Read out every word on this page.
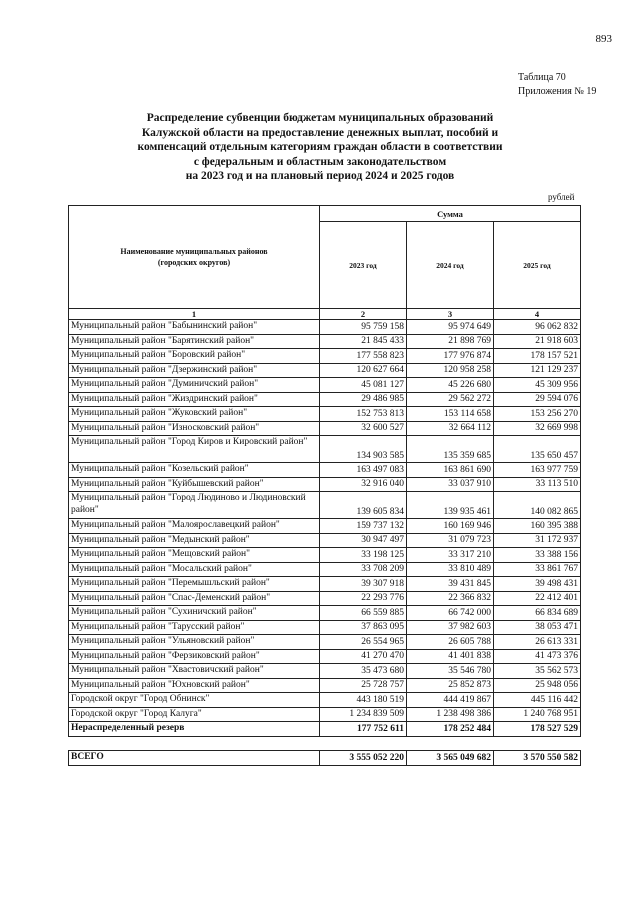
893
Таблица 70
Приложения № 19
Распределение субвенции бюджетам муниципальных образований
Калужской области на предоставление денежных выплат, пособий и
компенсаций отдельным категориям граждан области в соответствии
с федеральным и областным законодательством
на 2023 год и на плановый период 2024 и 2025 годов
рублей
Наименование муниципальных районов
(городских округов)	Сумма		
	2023 год	2024 год	2025 год
1	2	3	4
Муниципальный район "Бабынинский район"	95 759 158	95 974 649	96 062 832
Муниципальный район "Барятинский район"	21 845 433	21 898 769	21 918 603
Муниципальный район "Боровский район"	177 558 823	177 976 874	178 157 521
Муниципальный район "Дзержинский район"	120 627 664	120 958 258	121 129 237
Муниципальный район "Думиничский район"	45 081 127	45 226 680	45 309 956
Муниципальный район "Жиздринский район"	29 486 985	29 562 272	29 594 076
Муниципальный район "Жуковский район"	152 753 813	153 114 658	153 256 270
Муниципальный район "Износковский район"	32 600 527	32 664 112	32 669 998
Муниципальный район "Город Киров и Кировский район"	134 903 585	135 359 685	135 650 457
Муниципальный район "Козельский район"	163 497 083	163 861 690	163 977 759
Муниципальный район "Куйбышевский район"	32 916 040	33 037 910	33 113 510
Муниципальный район "Город Людиново и Людиновский район"	139 605 834	139 935 461	140 082 865
Муниципальный район "Малоярославецкий район"	159 737 132	160 169 946	160 395 388
Муниципальный район "Медынский район"	30 947 497	31 079 723	31 172 937
Муниципальный район "Мещовский район"	33 198 125	33 317 210	33 388 156
Муниципальный район "Мосальский район"	33 708 209	33 810 489	33 861 767
Муниципальный район "Перемышльский район"	39 307 918	39 431 845	39 498 431
Муниципальный район "Спас-Деменский район"	22 293 776	22 366 832	22 412 401
Муниципальный район "Сухиничский район"	66 559 885	66 742 000	66 834 689
Муниципальный район "Тарусский район"	37 863 095	37 982 603	38 053 471
Муниципальный район "Ульяновский район"	26 554 965	26 605 788	26 613 331
Муниципальный район "Ферзиковский район"	41 270 470	41 401 838	41 473 376
Муниципальный район "Хвастовичский район"	35 473 680	35 546 780	35 562 573
Муниципальный район "Юхновский район"	25 728 757	25 852 873	25 948 056
Городской округ "Город Обнинск"	443 180 519	444 419 867	445 116 442
Городской округ "Город Калуга"	1 234 839 509	1 238 498 386	1 240 768 951
Нераспределенный резерв	177 752 611	178 252 484	178 527 529

ВСЕГО	3 555 052 220	3 565 049 682	3 570 550 582
